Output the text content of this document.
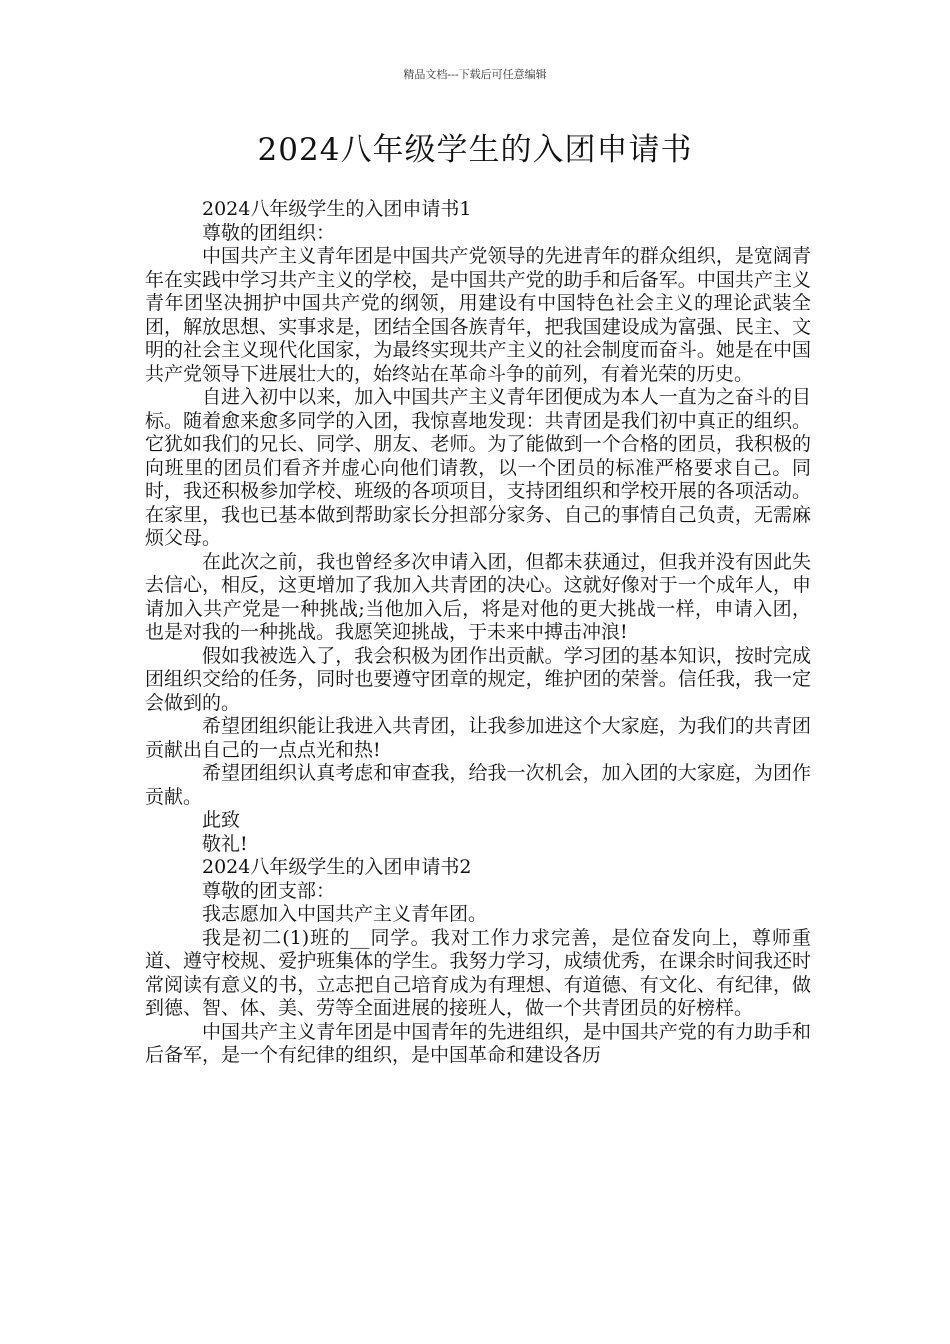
精品文档---下载后可任意编辑
2024八年级学生的入团申请书

2024八年级学生的入团申请书1

尊敬的团组织：

中国共产主义青年团是中国共产党领导的先进青年的群众组织，是宽阔青年在实践中学习共产主义的学校，是中国共产党的助手和后备军。中国共产主义青年团坚决拥护中国共产党的纲领，用建设有中国特色社会主义的理论武装全团，解放思想、实事求是，团结全国各族青年，把我国建设成为富强、民主、文明的社会主义现代化国家，为最终实现共产主义的社会制度而奋斗。她是在中国共产党领导下进展壮大的，始终站在革命斗争的前列，有着光荣的历史。

自进入初中以来，加入中国共产主义青年团便成为本人一直为之奋斗的目标。随着愈来愈多同学的入团，我惊喜地发现：共青团是我们初中真正的组织。它犹如我们的兄长、同学、朋友、老师。为了能做到一个合格的团员，我积极的向班里的团员们看齐并虚心向他们请教，以一个团员的标准严格要求自己。同时，我还积极参加学校、班级的各项项目，支持团组织和学校开展的各项活动。在家里，我也已基本做到帮助家长分担部分家务、自己的事情自己负责，无需麻烦父母。

在此次之前，我也曾经多次申请入团，但都未获通过，但我并没有因此失去信心，相反，这更增加了我加入共青团的决心。这就好像对于一个成年人，申请加入共产党是一种挑战;当他加入后，将是对他的更大挑战一样，申请入团，也是对我的一种挑战。我愿笑迎挑战，于未来中搏击冲浪!

假如我被选入了，我会积极为团作出贡献。学习团的基本知识，按时完成团组织交给的任务，同时也要遵守团章的规定，维护团的荣誉。信任我，我一定会做到的。

希望团组织能让我进入共青团，让我参加进这个大家庭，为我们的共青团贡献出自己的一点点光和热!

希望团组织认真考虑和审查我，给我一次机会，加入团的大家庭，为团作贡献。

此致

敬礼!

2024八年级学生的入团申请书2

尊敬的团支部：

我志愿加入中国共产主义青年团。

我是初二(1)班的__同学。我对工作力求完善，是位奋发向上，尊师重道、遵守校规、爱护班集体的学生。我努力学习，成绩优秀，在课余时间我还时常阅读有意义的书，立志把自己培育成为有理想、有道德、有文化、有纪律，做到德、智、体、美、劳等全面进展的接班人，做一个共青团员的好榜样。

中国共产主义青年团是中国青年的先进组织，是中国共产党的有力助手和后备军，是一个有纪律的组织，是中国革命和建设各历
